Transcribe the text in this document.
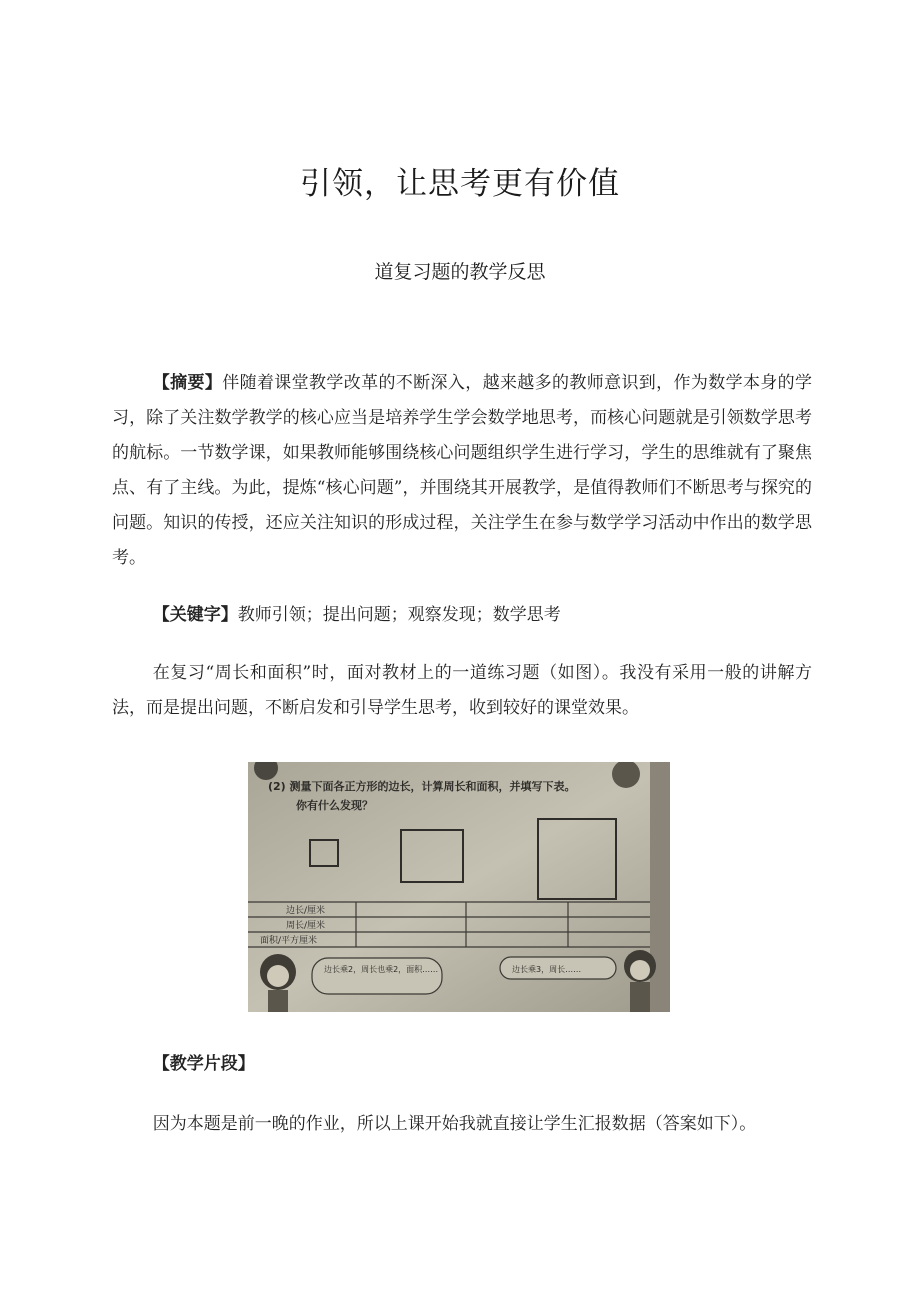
引领，让思考更有价值
道复习题的教学反思

【摘要】伴随着课堂教学改革的不断深入，越来越多的教师意识到，作为数学本身的学习，除了关注数学教学的核心应当是培养学生学会数学地思考，而核心问题就是引领数学思考的航标。一节数学课，如果教师能够围绕核心问题组织学生进行学习，学生的思维就有了聚焦点、有了主线。为此，提炼“核心问题”，并围绕其开展教学，是值得教师们不断思考与探究的问题。知识的传授，还应关注知识的形成过程，关注学生在参与数学学习活动中作出的数学思考。

【关键字】教师引领；提出问题；观察发现；数学思考

在复习“周长和面积”时，面对教材上的一道练习题（如图）。我没有采用一般的讲解方法，而是提出问题，不断启发和引导学生思考，收到较好的课堂效果。

(2) 测量下面各正方形的边长，计算周长和面积，并填写下表。
你有什么发现？
边长/厘米
周长/厘米
面积/平方厘米
边长乘2，周长也乘2，面积……	边长乘3，周长……

【教学片段】

因为本题是前一晚的作业，所以上课开始我就直接让学生汇报数据（答案如下）。
